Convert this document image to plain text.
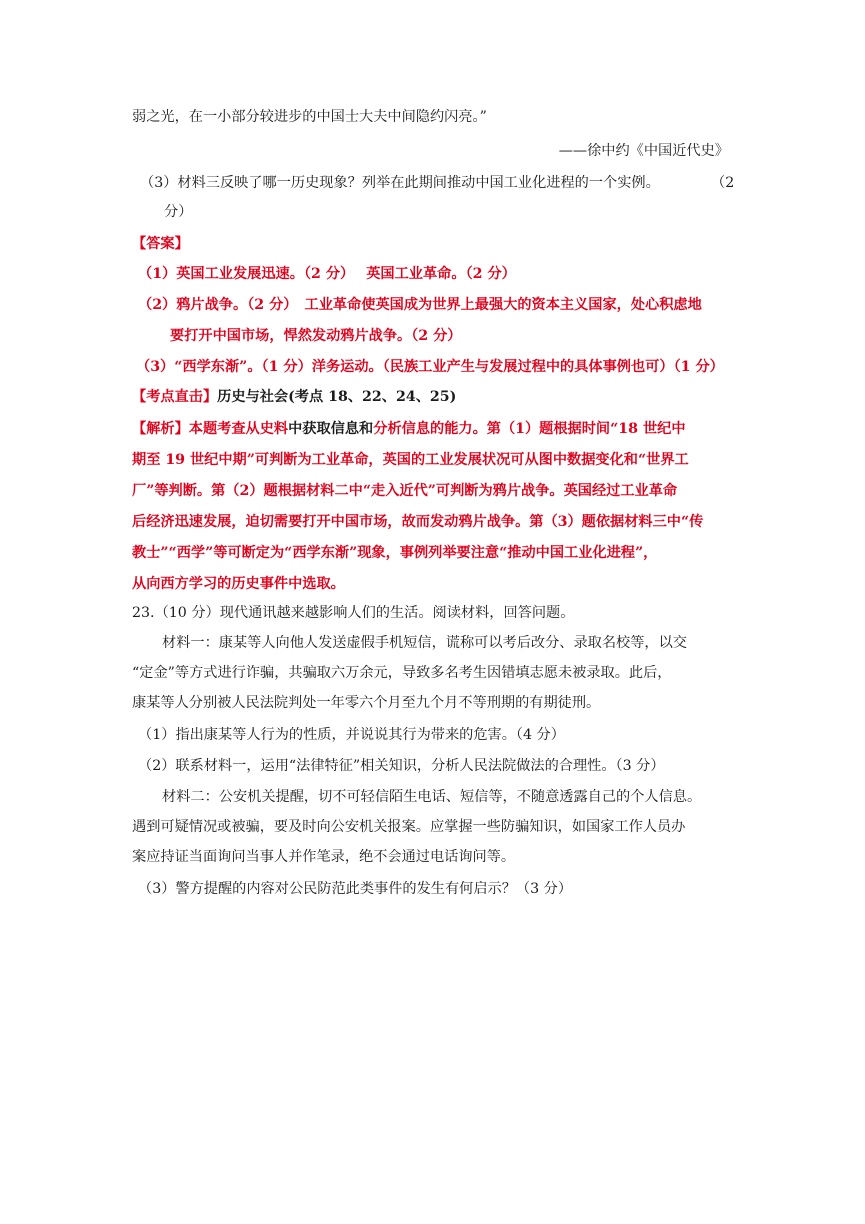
弱之光，在一小部分较进步的中国士大夫中间隐约闪亮。”
——徐中约《中国近代史》
（3）材料三反映了哪一历史现象？列举在此期间推动中国工业化进程的一个实例。	（2
分）
【答案】
（1）英国工业发展迅速。（2 分）　 英国工业革命。（2 分）
（2）鸦片战争。（2 分）　工业革命使英国成为世界上最强大的资本主义国家，处心积虑地
要打开中国市场，悍然发动鸦片战争。（2 分）
（3）“西学东渐”。（1 分）洋务运动。（民族工业产生与发展过程中的具体事例也可）（1 分）
【考点直击】历史与社会(考点 18、22、24、25)
【解析】本题考查从史料中获取信息和分析信息的能力。第（1）题根据时间“18 世纪中
期至 19 世纪中期”可判断为工业革命，英国的工业发展状况可从图中数据变化和“世界工
厂”等判断。第（2）题根据材料二中“走入近代”可判断为鸦片战争。英国经过工业革命
后经济迅速发展，迫切需要打开中国市场，故而发动鸦片战争。第（3）题依据材料三中“传
教士”“西学”等可断定为“西学东渐”现象，事例列举要注意“推动中国工业化进程”，
从向西方学习的历史事件中选取。
23.（10 分）现代通讯越来越影响人们的生活。阅读材料，回答问题。
材料一：康某等人向他人发送虚假手机短信，谎称可以考后改分、录取名校等，以交
“定金”等方式进行诈骗，共骗取六万余元，导致多名考生因错填志愿未被录取。此后，
康某等人分别被人民法院判处一年零六个月至九个月不等刑期的有期徒刑。
（1）指出康某等人行为的性质，并说说其行为带来的危害。（4 分）
（2）联系材料一，运用“法律特征”相关知识，分析人民法院做法的合理性。（3 分）
材料二：公安机关提醒，切不可轻信陌生电话、短信等，不随意透露自己的个人信息。
遇到可疑情况或被骗，要及时向公安机关报案。应掌握一些防骗知识，如国家工作人员办
案应持证当面询问当事人并作笔录，绝不会通过电话询问等。
（3）警方提醒的内容对公民防范此类事件的发生有何启示？（3 分）
